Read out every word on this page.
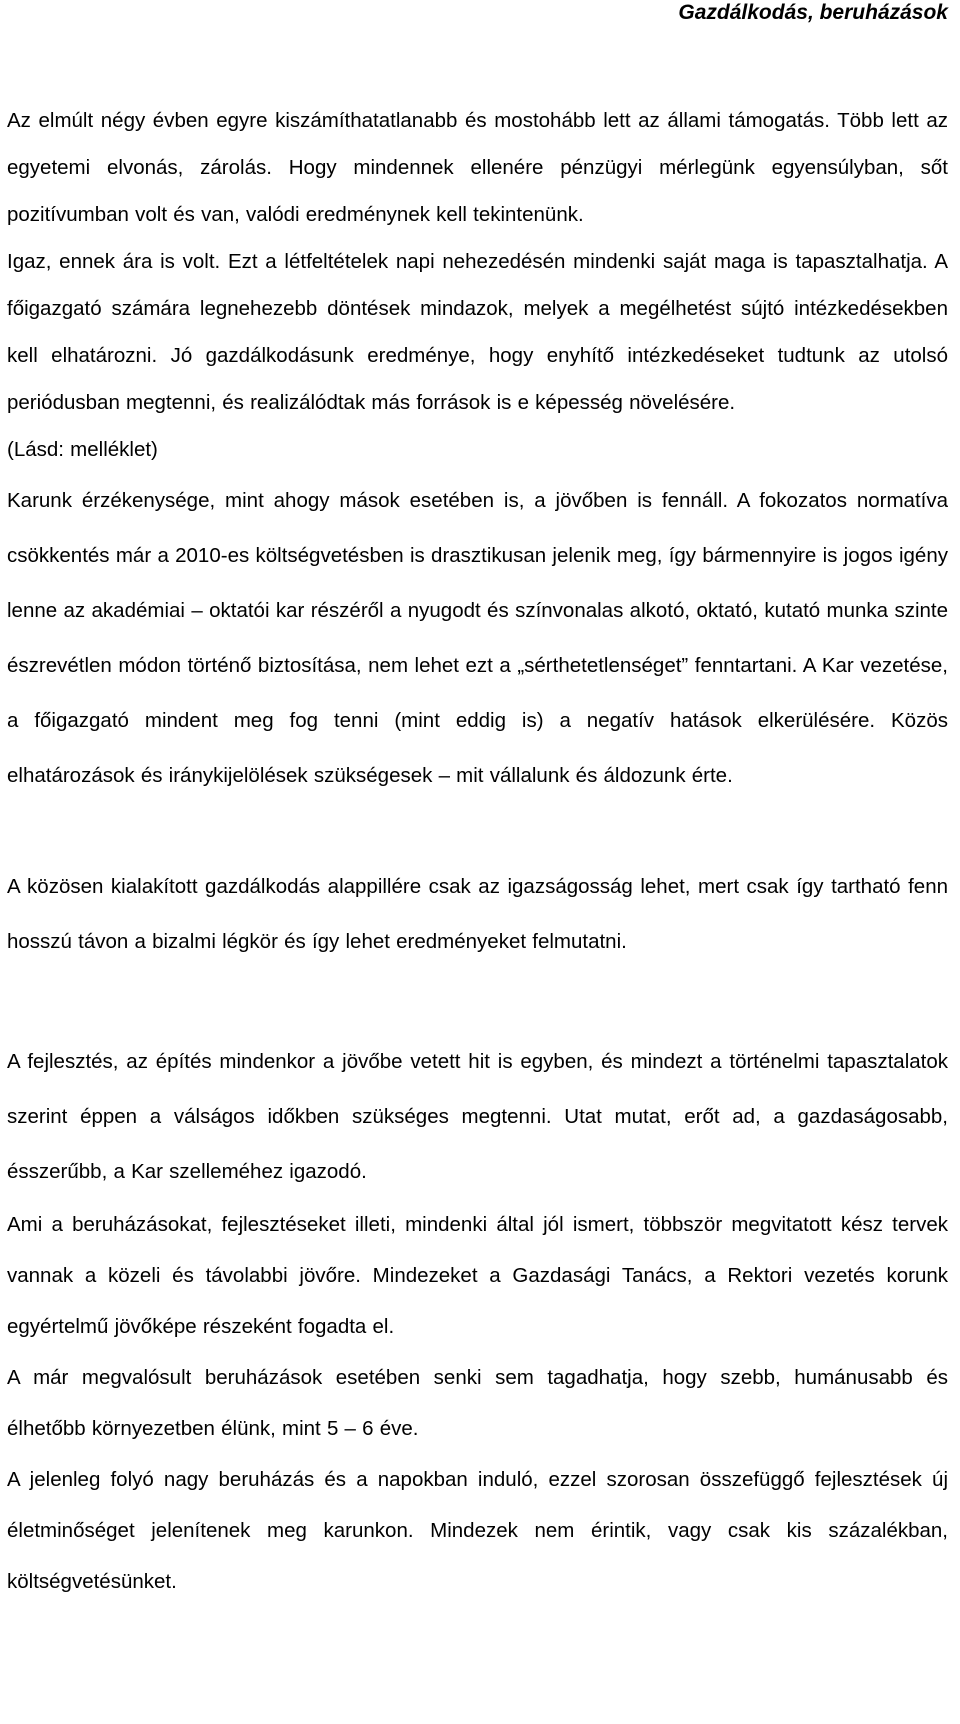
Gazdálkodás, beruházások

Az elmúlt négy évben egyre kiszámíthatatlanabb és mostohább lett az állami támogatás. Több lett az egyetemi elvonás, zárolás. Hogy mindennek ellenére pénzügyi mérlegünk egyensúlyban, sőt pozitívumban volt és van, valódi eredménynek kell tekintenünk.

Igaz, ennek ára is volt. Ezt a létfeltételek napi nehezedésén mindenki saját maga is tapasztalhatja. A főigazgató számára legnehezebb döntések mindazok, melyek a megélhetést sújtó intézkedésekben kell elhatározni. Jó gazdálkodásunk eredménye, hogy enyhítő intézkedéseket tudtunk az utolsó periódusban megtenni, és realizálódtak más források is e képesség növelésére.

(Lásd: melléklet)

Karunk érzékenysége, mint ahogy mások esetében is, a jövőben is fennáll. A fokozatos normatíva csökkentés már a 2010-es költségvetésben is drasztikusan jelenik meg, így bármennyire is jogos igény lenne az akadémiai – oktatói kar részéről a nyugodt és színvonalas alkotó, oktató, kutató munka szinte észrevétlen módon történő biztosítása, nem lehet ezt a „sérthetetlenséget” fenntartani. A Kar vezetése, a főigazgató mindent meg fog tenni (mint eddig is) a negatív hatások elkerülésére. Közös elhatározások és iránykijelölések szükségesek – mit vállalunk és áldozunk érte.

A közösen kialakított gazdálkodás alappillére csak az igazságosság lehet, mert csak így tartható fenn hosszú távon a bizalmi légkör és így lehet eredményeket felmutatni.

A fejlesztés, az építés mindenkor a jövőbe vetett hit is egyben, és mindezt a történelmi tapasztalatok szerint éppen a válságos időkben szükséges megtenni. Utat mutat, erőt ad, a gazdaságosabb, ésszerűbb, a Kar szelleméhez igazodó.

Ami a beruházásokat, fejlesztéseket illeti, mindenki által jól ismert, többször megvitatott kész tervek vannak a közeli és távolabbi jövőre. Mindezeket a Gazdasági Tanács, a Rektori vezetés korunk egyértelmű jövőképe részeként fogadta el.

A már megvalósult beruházások esetében senki sem tagadhatja, hogy szebb, humánusabb és élhetőbb környezetben élünk, mint 5 – 6 éve.

A jelenleg folyó nagy beruházás és a napokban induló, ezzel szorosan összefüggő fejlesztések új életminőséget jelenítenek meg karunkon. Mindezek nem érintik, vagy csak kis százalékban, költségvetésünket.
